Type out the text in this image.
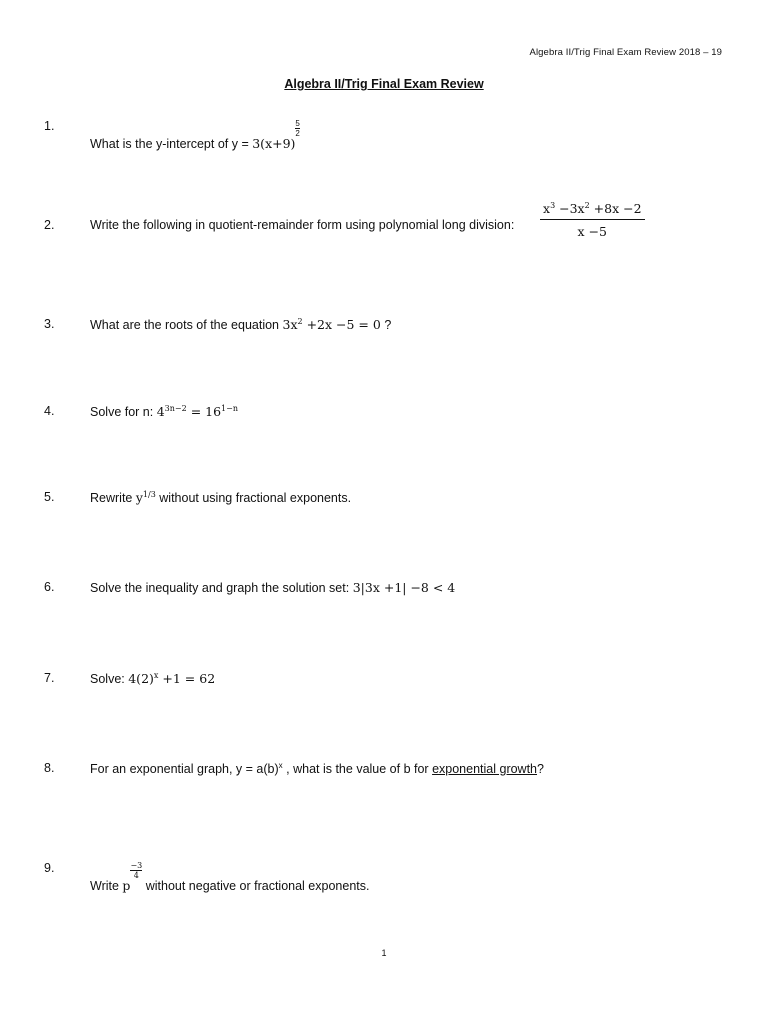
Algebra II/Trig Final Exam Review 2018 – 19
Algebra II/Trig Final Exam Review
1.
What is the y-intercept of $y = 3(x+9)\frac{5}{2}$
2.	Write the following in quotient-remainder form using polynomial long division: $\frac{x^3 -3x^2 +8x -2}{x -5}$
3.	What are the roots of the equation $3x^2 +2x -5 = 0$ ?
4.	Solve for n: $4^{3n-2} = 16^{1-n}$
5.	Rewrite $y^{1/3}$ without using fractional exponents.
6.	Solve the inequality and graph the solution set: 3|3x +1| −8 < 4
7.	Solve: $4(2)^x +1 = 62$
8.	For an exponential graph, $y = a(b)^x$ , what is the value of b for exponential growth?
9.
Write $p\frac{-3}{4}$
without negative or fractional exponents.
1
